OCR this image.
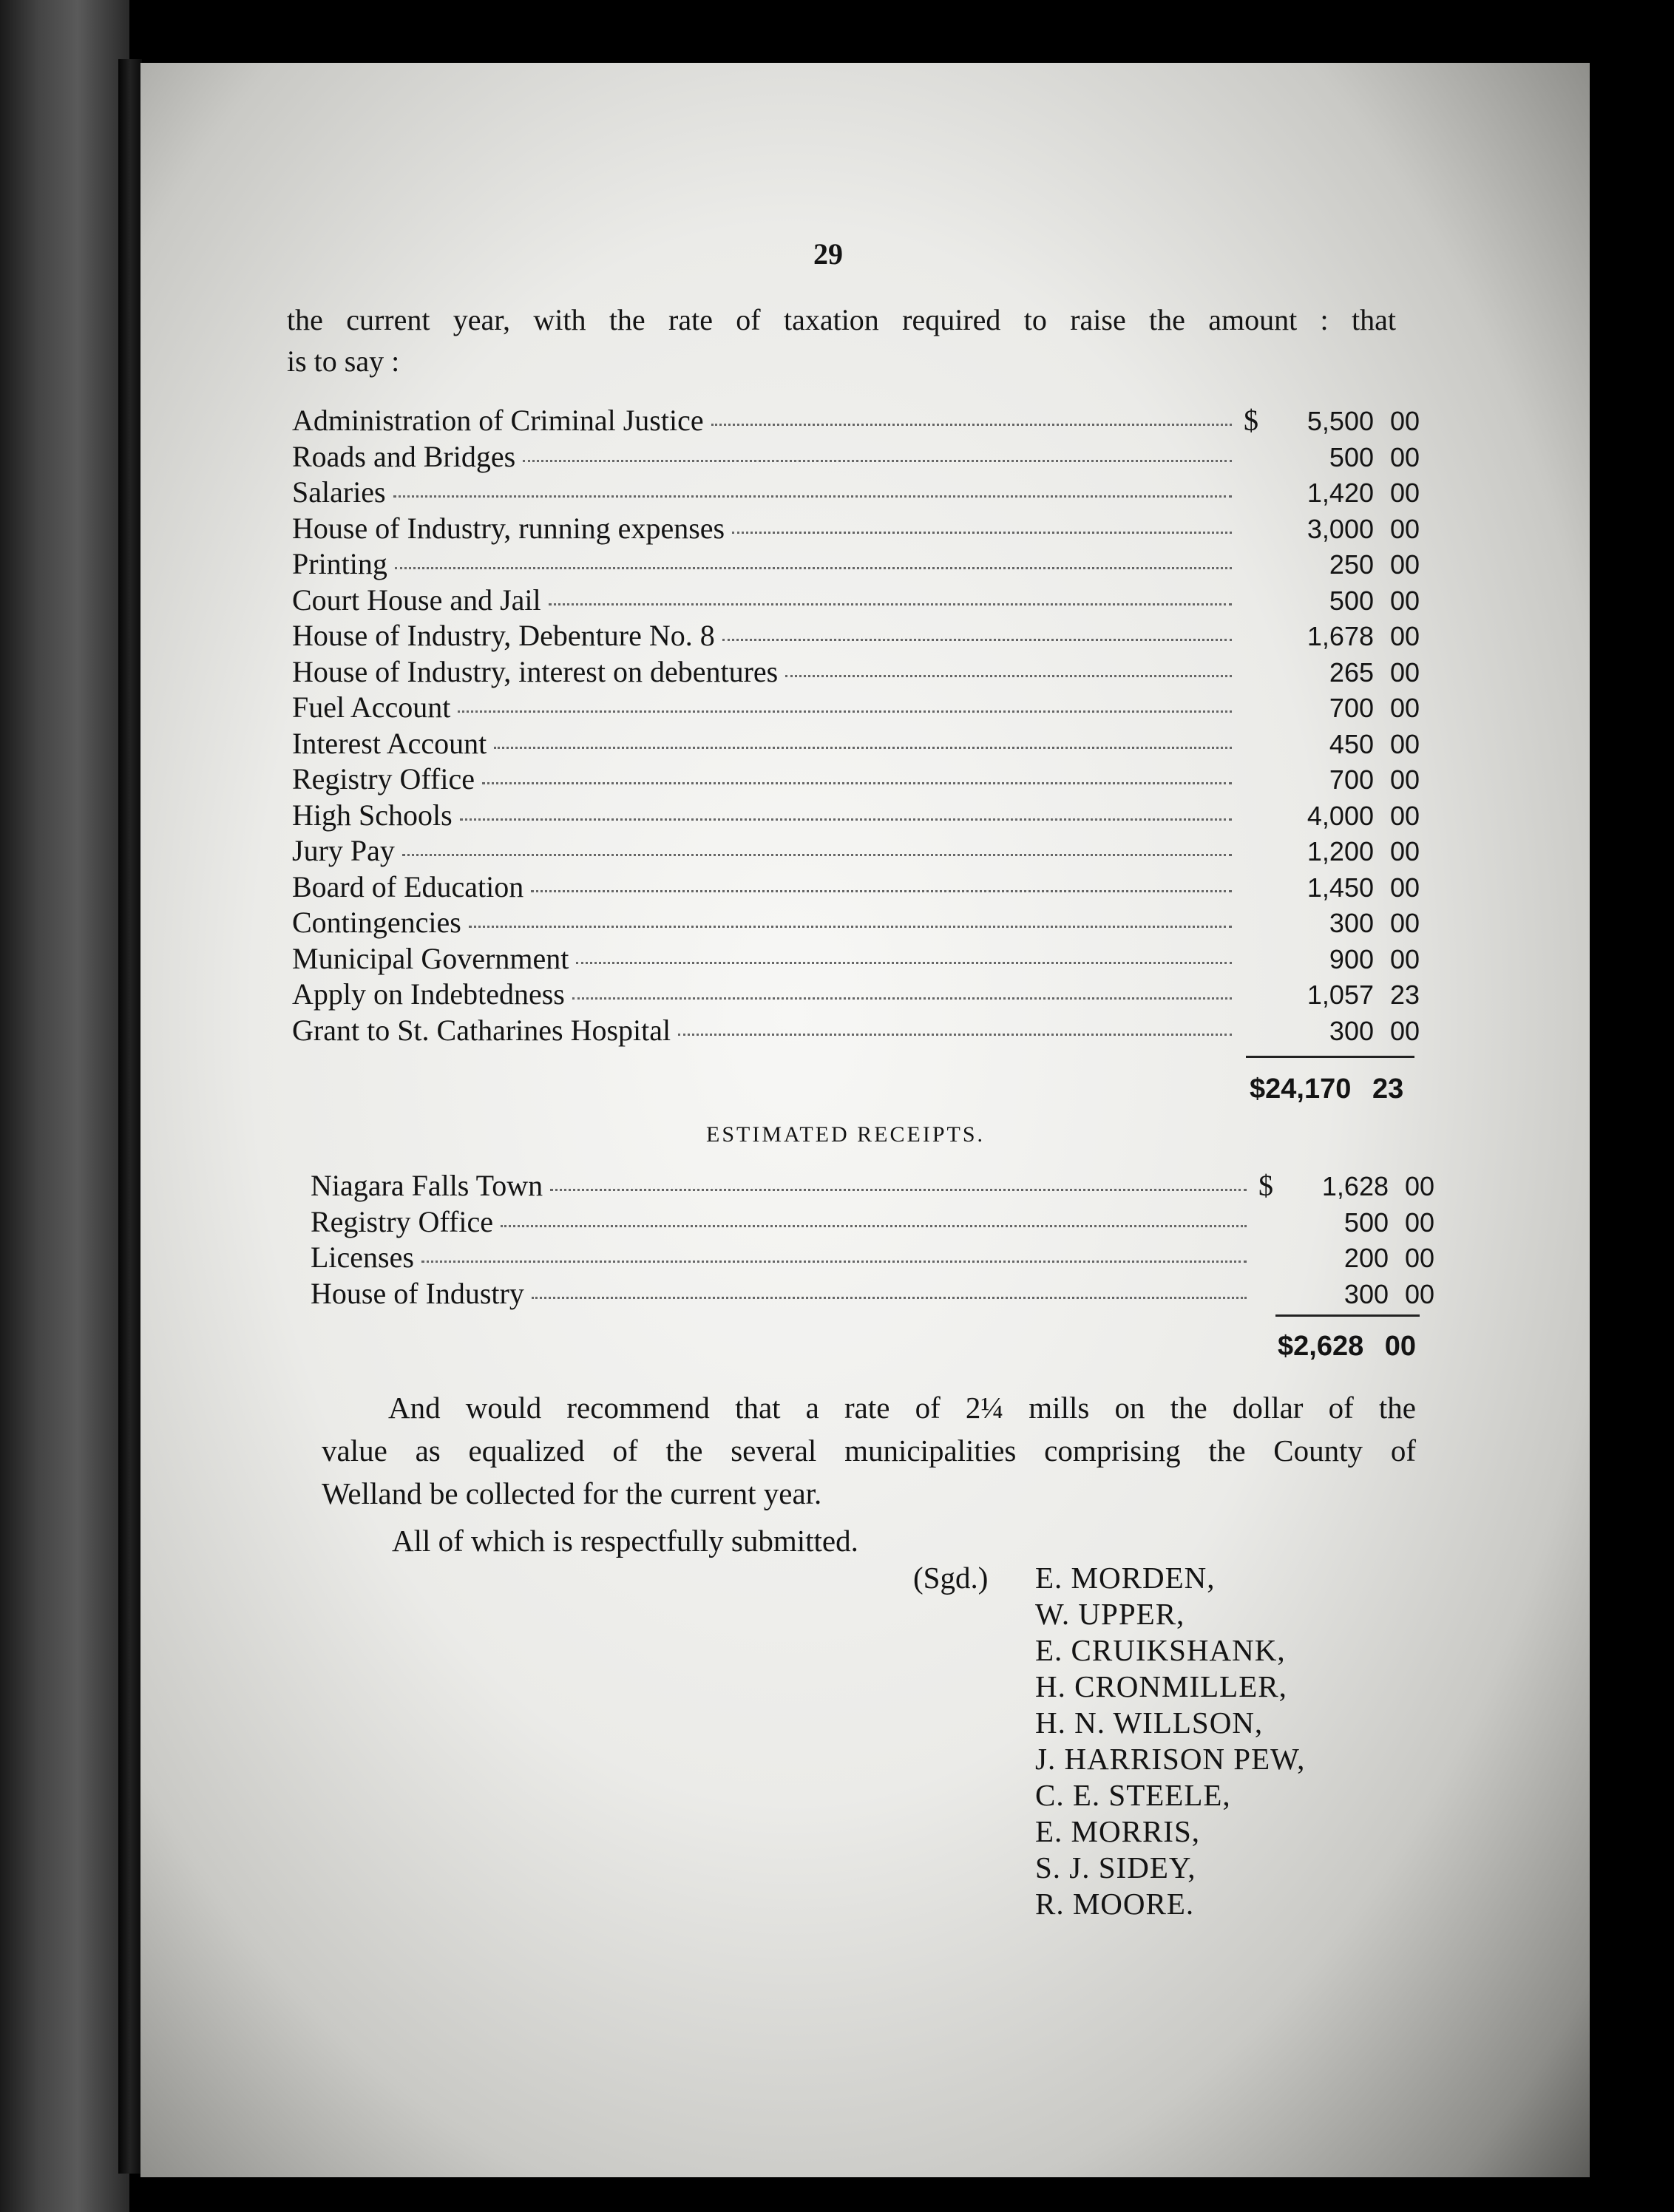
29
the current year, with the rate of taxation required to raise the amount : that
is to say :
Administration of Criminal Justice	$	5,500 00
Roads and Bridges	500 00
Salaries	1,420 00
House of Industry, running expenses	3,000 00
Printing	250 00
Court House and Jail	500 00
House of Industry, Debenture No. 8	1,678 00
House of Industry, interest on debentures	265 00
Fuel Account	700 00
Interest Account	450 00
Registry Office	700 00
High Schools	4,000 00
Jury Pay	1,200 00
Board of Education	1,450 00
Contingencies	300 00
Municipal Government	900 00
Apply on Indebtedness	1,057 23
Grant to St. Catharines Hospital	300 00
$24,170 23
ESTIMATED RECEIPTS.
Niagara Falls Town	$	1,628 00
Registry Office	500 00
Licenses	200 00
House of Industry	300 00
$2,628 00
And would recommend that a rate of 2¼ mills on the dollar of the
value as equalized of the several municipalities comprising the County of
Welland be collected for the current year.
All of which is respectfully submitted.
(Sgd.) E. MORDEN,
W. UPPER,
E. CRUIKSHANK,
H. CRONMILLER,
H. N. WILLSON,
J. HARRISON PEW,
C. E. STEELE,
E. MORRIS,
S. J. SIDEY,
R. MOORE.
